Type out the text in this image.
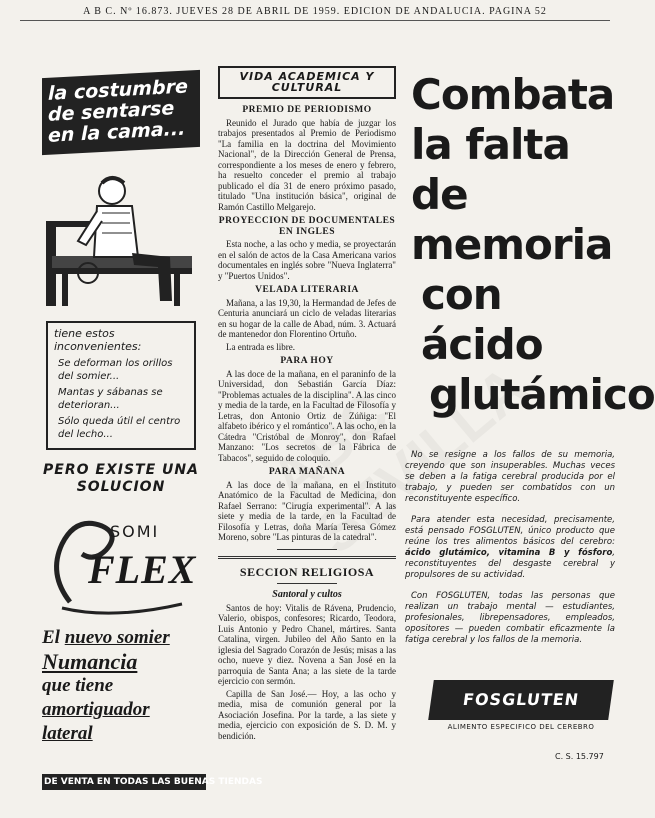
A B C. Nº 16.873. JUEVES 28 DE ABRIL DE 1959. EDICION DE ANDALUCIA. PAGINA 52
la costumbre de sentarse en la cama...
tiene estos inconvenientes:
Se deforman los orillos del somier...
Mantas y sábanas se deterioran...
Sólo queda útil el centro del lecho...
PERO EXISTE UNA SOLUCION
SOMI
FLEX
El nuevo somier
Numancia
que tiene
amortiguador
lateral
DE VENTA EN TODAS LAS BUENAS TIENDAS
VIDA ACADEMICA Y CULTURAL
PREMIO DE PERIODISMO

Reunido el Jurado que había de juzgar los trabajos presentados al Premio de Periodismo "La familia en la doctrina del Movimiento Nacional", de la Dirección General de Prensa, correspondiente a los meses de enero y febrero, ha resuelto conceder el premio al trabajo publicado el día 31 de enero próximo pasado, titulado "Una institución básica", original de Ramón Castillo Melgarejo.

PROYECCION DE DOCUMENTALES EN INGLES

Esta noche, a las ocho y media, se proyectarán en el salón de actos de la Casa Americana varios documentales en inglés sobre "Nueva Inglaterra" y "Puertos Unidos".

VELADA LITERARIA

Mañana, a las 19,30, la Hermandad de Jefes de Centuria anunciará un ciclo de veladas literarias en su hogar de la calle de Abad, núm. 3. Actuará de mantenedor don Florentino Ortuño.

La entrada es libre.

PARA HOY

A las doce de la mañana, en el paraninfo de la Universidad, don Sebastián García Díaz: "Problemas actuales de la disciplina". A las cinco y media de la tarde, en la Facultad de Filosofía y Letras, don Antonio Ortiz de Zúñiga: "El alfabeto ibérico y el romántico". A las ocho, en la Cátedra "Cristóbal de Monroy", don Rafael Manzano: "Los secretos de la Fábrica de Tabacos", seguido de coloquio.

PARA MAÑANA

A las doce de la mañana, en el Instituto Anatómico de la Facultad de Medicina, don Rafael Serrano: "Cirugía experimental". A las siete y media de la tarde, en la Facultad de Filosofía y Letras, doña María Teresa Gómez Moreno, sobre "Las pinturas de la catedral".

SECCION RELIGIOSA
Santoral y cultos

Santos de hoy: Vitalis de Rávena, Prudencio, Valerio, obispos, confesores; Ricardo, Teodora, Luis Antonio y Pedro Chanel, mártires. Santa Catalina, virgen. Jubileo del Año Santo en la iglesia del Sagrado Corazón de Jesús; misas a las ocho, nueve y diez. Novena a San José en la parroquia de Santa Ana; a las siete de la tarde ejercicio con sermón.

Capilla de San José.— Hoy, a las ocho y media, misa de comunión general por la Asociación Josefina. Por la tarde, a las siete y media, ejercicio con exposición de S. D. M. y bendición.

Combata
la falta de
memoria
con ácido
glutámico

No se resigne a los fallos de su memoria, creyendo que son insuperables. Muchas veces se deben a la fatiga cerebral producida por el trabajo, y pueden ser combatidos con un reconstituyente específico.

Para atender esta necesidad, precisamente, está pensado FOSGLUTEN, único producto que reúne los tres alimentos básicos del cerebro: ácido glutámico, vitamina B y fósforo, reconstituyentes del desgaste cerebral y propulsores de su actividad.

Con FOSGLUTEN, todas las personas que realizan un trabajo mental — estudiantes, profesionales, librepensadores, empleados, opositores — pueden combatir eficazmente la fatiga cerebral y los fallos de la memoria.

FOSGLUTEN
ALIMENTO ESPECIFICO DEL CEREBRO
C. S. 15.797
